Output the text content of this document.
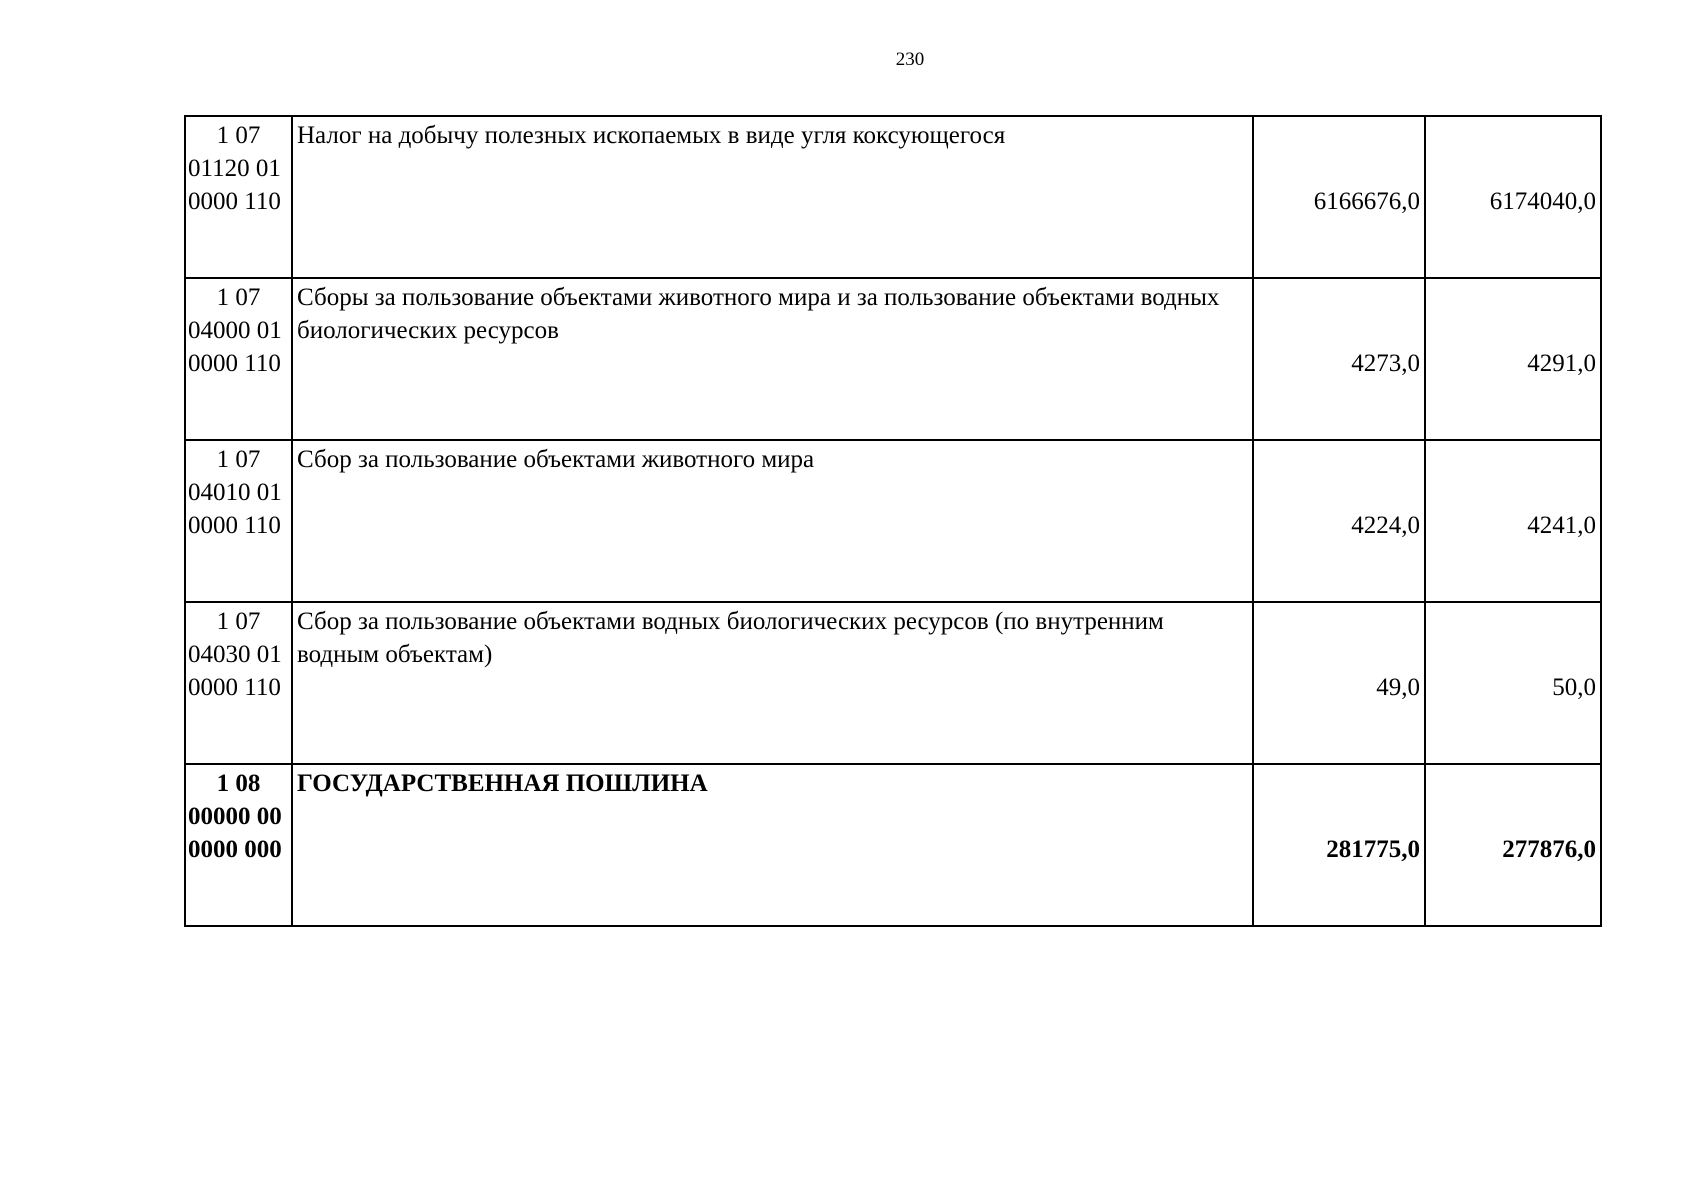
230
1 07
01120 01
0000 110	Налог на добычу полезных ископаемых в виде угля коксующегося	6166676,0	6174040,0

1 07
04000 01
0000 110	Сборы за пользование объектами животного мира и за пользование объектами водных биологических ресурсов	4273,0	4291,0

1 07
04010 01
0000 110	Сбор за пользование объектами животного мира	4224,0	4241,0

1 07
04030 01
0000 110	Сбор за пользование объектами водных биологических ресурсов (по внутренним водным объектам)	49,0	50,0

1 08
00000 00
0000 000	ГОСУДАРСТВЕННАЯ ПОШЛИНА	281775,0	277876,0
